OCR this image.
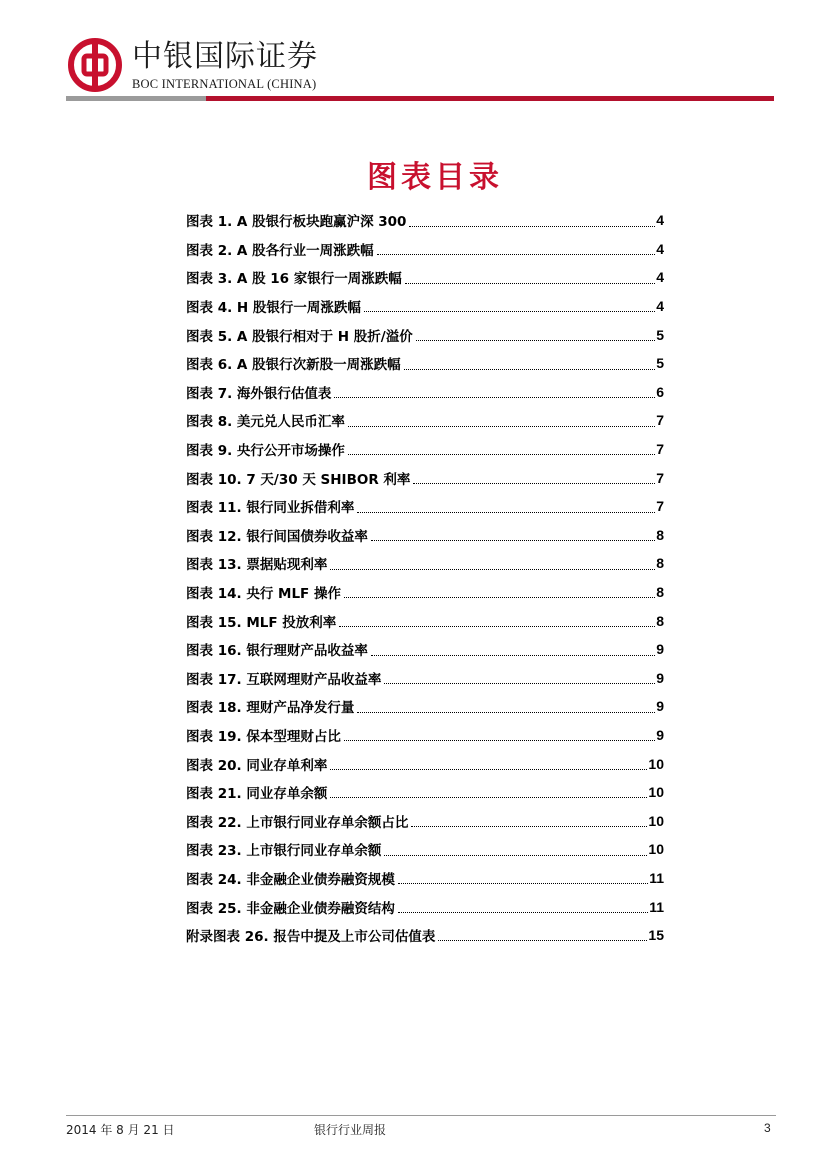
中银国际证券
BOC INTERNATIONAL (CHINA)
图表目录
图表 1. A 股银行板块跑赢沪深 300	4
图表 2. A 股各行业一周涨跌幅	4
图表 3. A 股 16 家银行一周涨跌幅	4
图表 4. H 股银行一周涨跌幅	4
图表 5. A 股银行相对于 H 股折/溢价	5
图表 6. A 股银行次新股一周涨跌幅	5
图表 7. 海外银行估值表	6
图表 8. 美元兑人民币汇率	7
图表 9. 央行公开市场操作	7
图表 10. 7 天/30 天 SHIBOR 利率	7
图表 11. 银行同业拆借利率	7
图表 12. 银行间国债券收益率	8
图表 13. 票据贴现利率	8
图表 14. 央行 MLF 操作	8
图表 15. MLF 投放利率	8
图表 16. 银行理财产品收益率	9
图表 17. 互联网理财产品收益率	9
图表 18. 理财产品净发行量	9
图表 19. 保本型理财占比	9
图表 20. 同业存单利率	10
图表 21. 同业存单余额	10
图表 22. 上市银行同业存单余额占比	10
图表 23. 上市银行同业存单余额	10
图表 24. 非金融企业债券融资规模	11
图表 25. 非金融企业债券融资结构	11
附录图表 26. 报告中提及上市公司估值表	15
2014 年 8 月 21 日	银行行业周报	3
